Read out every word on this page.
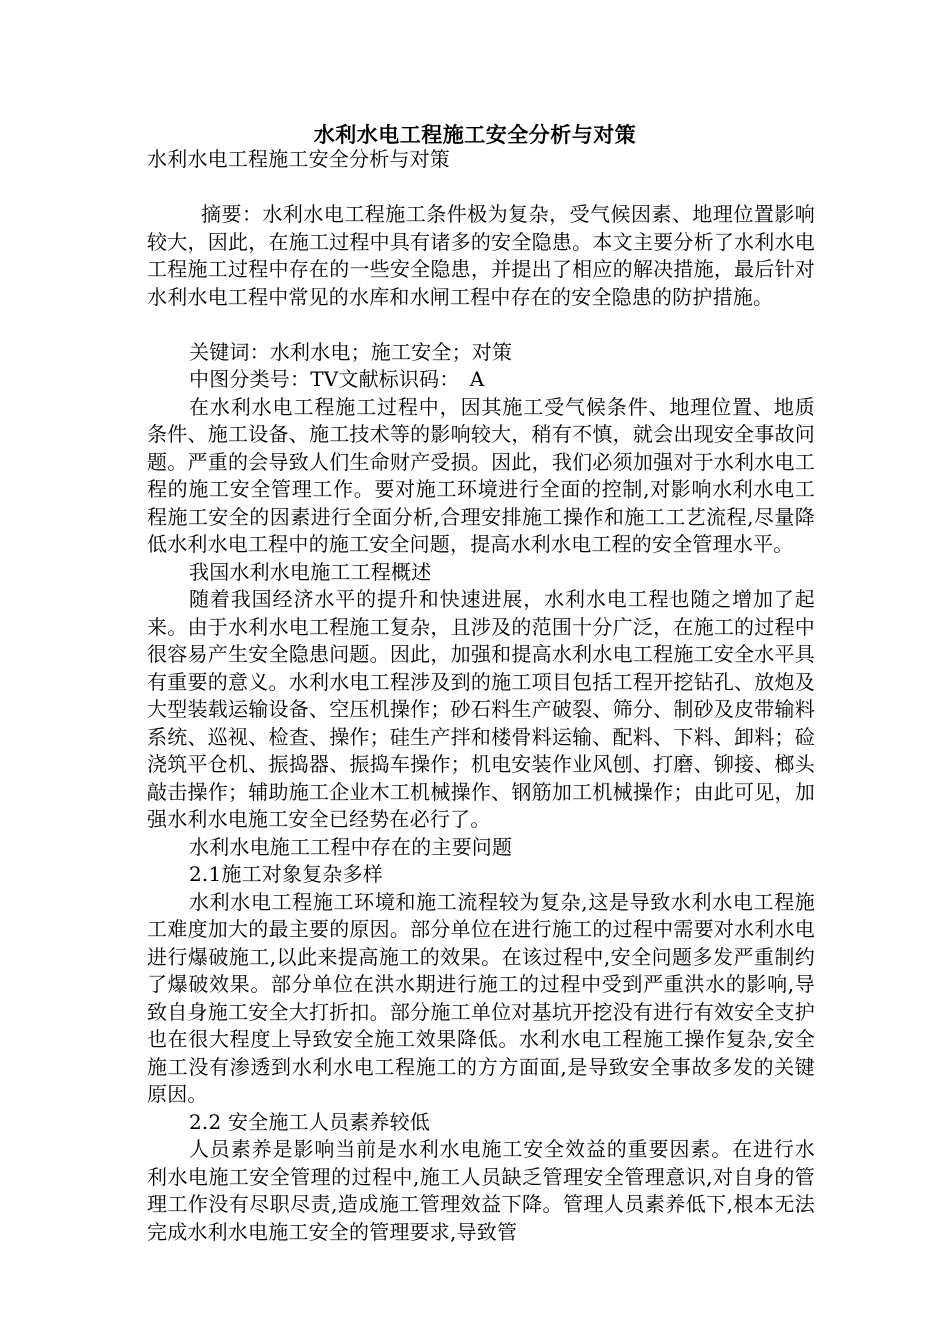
水利水电工程施工安全分析与对策

水利水电工程施工安全分析与对策

摘要：水利水电工程施工条件极为复杂，受气候因素、地理位置影响较大，因此，在施工过程中具有诸多的安全隐患。本文主要分析了水利水电工程施工过程中存在的一些安全隐患，并提出了相应的解决措施，最后针对水利水电工程中常见的水库和水闸工程中存在的安全隐患的防护措施。

关键词：水利水电；施工安全；对策

中图分类号：TV文献标识码：　A

在水利水电工程施工过程中，因其施工受气候条件、地理位置、地质条件、施工设备、施工技术等的影响较大，稍有不慎，就会出现安全事故问题。严重的会导致人们生命财产受损。因此，我们必须加强对于水利水电工程的施工安全管理工作。要对施工环境进行全面的控制,对影响水利水电工程施工安全的因素进行全面分析,合理安排施工操作和施工工艺流程,尽量降低水利水电工程中的施工安全问题，提高水利水电工程的安全管理水平。

我国水利水电施工工程概述

随着我国经济水平的提升和快速进展，水利水电工程也随之增加了起来。由于水利水电工程施工复杂，且涉及的范围十分广泛，在施工的过程中很容易产生安全隐患问题。因此，加强和提高水利水电工程施工安全水平具有重要的意义。水利水电工程涉及到的施工项目包括工程开挖钻孔、放炮及大型装载运输设备、空压机操作；砂石料生产破裂、筛分、制砂及皮带输料系统、巡视、检查、操作；硅生产拌和楼骨料运输、配料、下料、卸料；硷浇筑平仓机、振捣器、振捣车操作；机电安装作业风刨、打磨、铆接、榔头敲击操作；辅助施工企业木工机械操作、钢筋加工机械操作；由此可见，加强水利水电施工安全已经势在必行了。

水利水电施工工程中存在的主要问题

2.1施工对象复杂多样

水利水电工程施工环境和施工流程较为复杂,这是导致水利水电工程施工难度加大的最主要的原因。部分单位在进行施工的过程中需要对水利水电进行爆破施工,以此来提高施工的效果。在该过程中,安全问题多发严重制约了爆破效果。部分单位在洪水期进行施工的过程中受到严重洪水的影响,导致自身施工安全大打折扣。部分施工单位对基坑开挖没有进行有效安全支护也在很大程度上导致安全施工效果降低。水利水电工程施工操作复杂,安全施工没有渗透到水利水电工程施工的方方面面,是导致安全事故多发的关键原因。

2.2 安全施工人员素养较低

人员素养是影响当前是水利水电施工安全效益的重要因素。在进行水利水电施工安全管理的过程中,施工人员缺乏管理安全管理意识,对自身的管理工作没有尽职尽责,造成施工管理效益下降。管理人员素养低下,根本无法完成水利水电施工安全的管理要求,导致管
